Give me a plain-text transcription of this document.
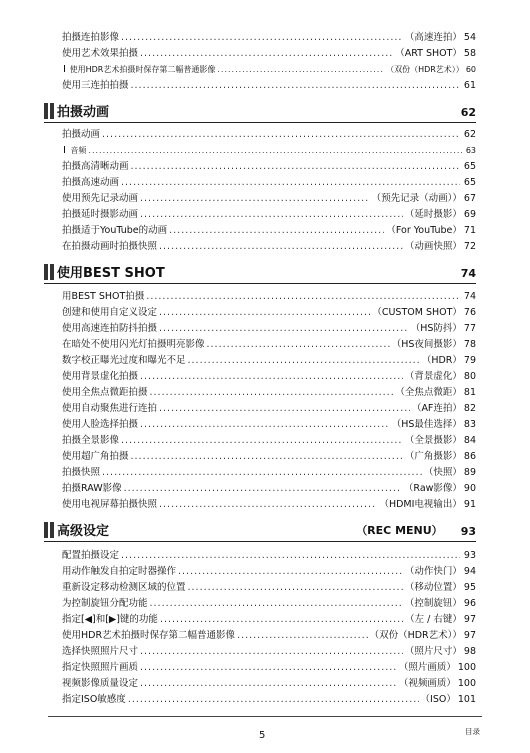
拍摄连拍影像 .....	（高速连拍） 54
使用艺术效果拍摄 .....	（ART SHOT） 58
使用HDR艺术拍摄时保存第二幅普通影像 .....	（双份（HDR艺术）） 60
使用三连拍拍摄 .....	61
拍摄动画	62
拍摄动画 .....	62
音频 .....	63
拍摄高清晰动画 .....	65
拍摄高速动画 .....	65
使用预先记录动画 .....	（预先记录（动画）） 67
拍摄延时摄影动画 .....	（延时摄影） 69
拍摄适于YouTube的动画 .....	（For YouTube） 71
在拍摄动画时拍摄快照 .....	（动画快照） 72
使用BEST SHOT	74
用BEST SHOT拍摄 .....	74
创建和使用自定义设定 .....	（CUSTOM SHOT） 76
使用高速连拍防抖拍摄 .....	（HS防抖） 77
在暗处不使用闪光灯拍摄明亮影像 .....	（HS夜间摄影） 78
数字校正曝光过度和曝光不足 .....	（HDR） 79
使用背景虚化拍摄 .....	（背景虚化） 80
使用全焦点微距拍摄 .....	（全焦点微距） 81
使用自动聚焦进行连拍 .....	（AF连拍） 82
使用人脸选择拍摄 .....	（HS最佳选择） 83
拍摄全景影像 .....	（全景摄影） 84
使用超广角拍摄 .....	（广角摄影） 86
拍摄快照 .....	（快照） 89
拍摄RAW影像 .....	（Raw影像） 90
使用电视屏幕拍摄快照 .....	（HDMI电视输出） 91
高级设定	（REC MENU） 93
配置拍摄设定 .....	93
用动作触发自拍定时器操作 .....	（动作快门） 94
重新设定移动检测区域的位置 .....	（移动位置） 95
为控制旋钮分配功能 .....	（控制旋钮） 96
指定[◀]和[▶]键的功能 .....	（左 / 右键） 97
使用HDR艺术拍摄时保存第二幅普通影像 .....	（双份（HDR艺术）） 97
选择快照照片尺寸 .....	（照片尺寸） 98
指定快照照片画质 .....	（照片画质） 100
视频影像质量设定 .....	（视频画质） 100
指定ISO敏感度 .....	（ISO） 101
5	目录
